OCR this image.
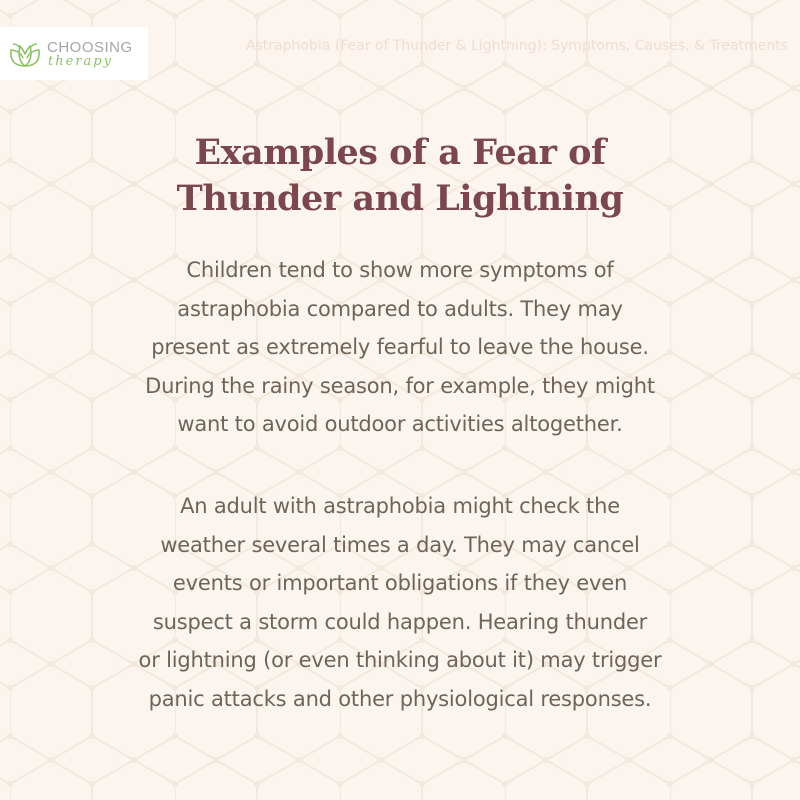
CHOOSING
therapy
Astraphobia (Fear of Thunder & Lightning): Symptoms, Causes, & Treatments
Examples of a Fear of
Thunder and Lightning
Children tend to show more symptoms of
astraphobia compared to adults. They may
present as extremely fearful to leave the house.
During the rainy season, for example, they might
want to avoid outdoor activities altogether.
An adult with astraphobia might check the
weather several times a day. They may cancel
events or important obligations if they even
suspect a storm could happen. Hearing thunder
or lightning (or even thinking about it) may trigger
panic attacks and other physiological responses.
